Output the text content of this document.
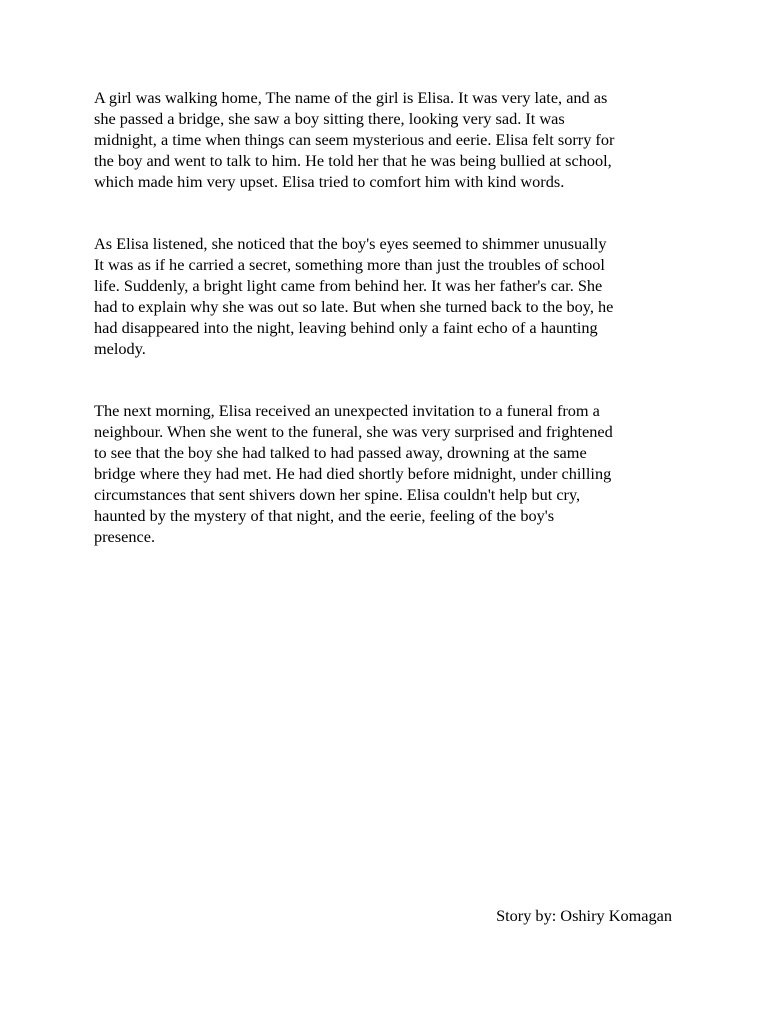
A girl was walking home, The name of the girl is Elisa. It was very late, and as
she passed a bridge, she saw a boy sitting there, looking very sad. It was
midnight, a time when things can seem mysterious and eerie. Elisa felt sorry for
the boy and went to talk to him. He told her that he was being bullied at school,
which made him very upset. Elisa tried to comfort him with kind words.
As Elisa listened, she noticed that the boy's eyes seemed to shimmer unusually
It was as if he carried a secret, something more than just the troubles of school
life. Suddenly, a bright light came from behind her. It was her father's car. She
had to explain why she was out so late. But when she turned back to the boy, he
had disappeared into the night, leaving behind only a faint echo of a haunting
melody.
The next morning, Elisa received an unexpected invitation to a funeral from a
neighbour. When she went to the funeral, she was very surprised and frightened
to see that the boy she had talked to had passed away, drowning at the same
bridge where they had met. He had died shortly before midnight, under chilling
circumstances that sent shivers down her spine. Elisa couldn't help but cry,
haunted by the mystery of that night, and the eerie, feeling of the boy's
presence.
Story by: Oshiry Komagan
